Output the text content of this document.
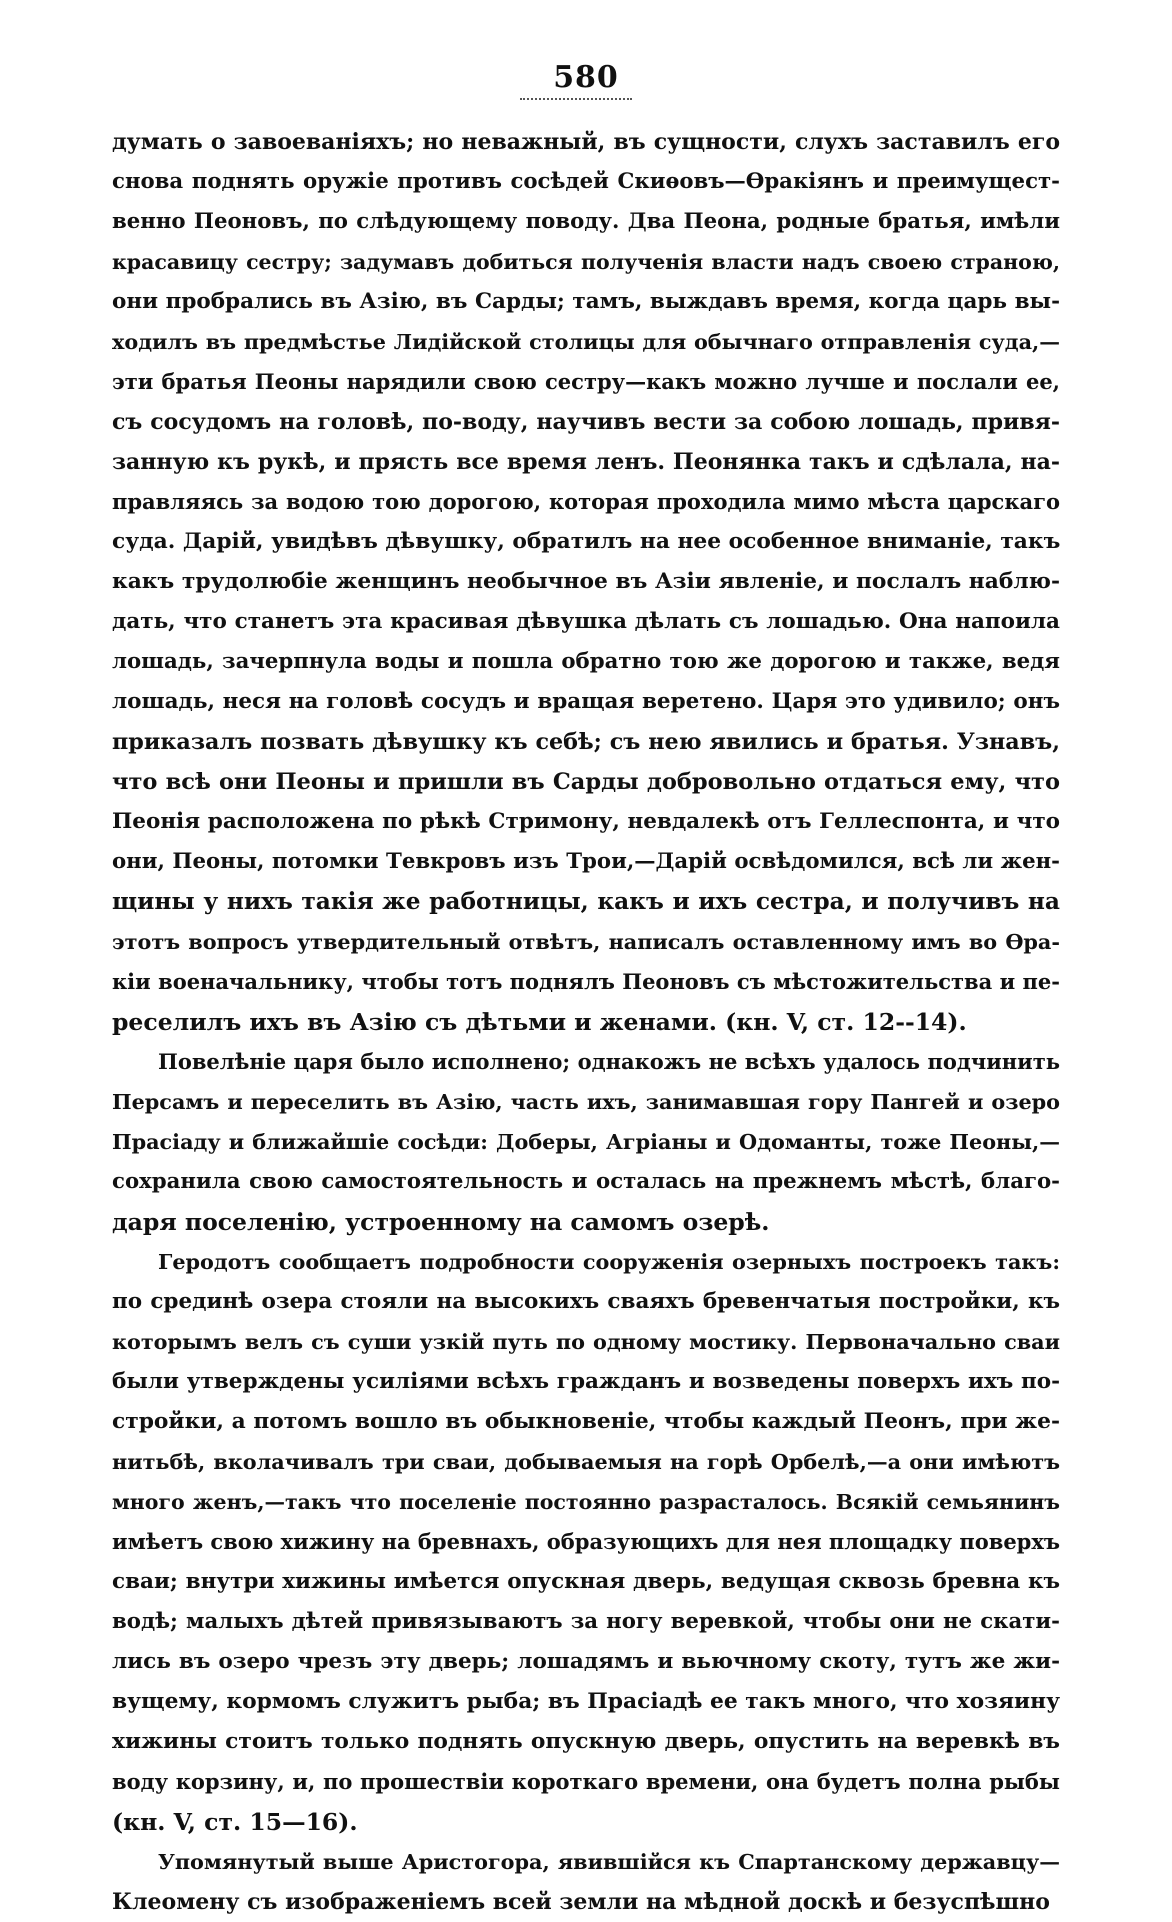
580
думать о завоеваніяхъ; но неважный, въ сущности, слухъ заставилъ его
снова поднять оружіе противъ сосѣдей Скиѳовъ—Ѳракіянъ и преимущест-
венно Пеоновъ, по слѣдующему поводу. Два Пеона, родные братья, имѣли
красавицу сестру; задумавъ добиться полученія власти надъ своею страною,
они пробрались въ Азію, въ Сарды; тамъ, выждавъ время, когда царь вы-
ходилъ въ предмѣстье Лидійской столицы для обычнаго отправленія суда,—
эти братья Пеоны нарядили свою сестру—какъ можно лучше и послали ее,
съ сосудомъ на головѣ, по-воду, научивъ вести за собою лошадь, привя-
занную къ рукѣ, и прясть все время ленъ. Пеонянка такъ и сдѣлала, на-
правляясь за водою тою дорогою, которая проходила мимо мѣста царскаго
суда. Дарій, увидѣвъ дѣвушку, обратилъ на нее особенное вниманіе, такъ
какъ трудолюбіе женщинъ необычное въ Азіи явленіе, и послалъ наблю-
дать, что станетъ эта красивая дѣвушка дѣлать съ лошадью. Она напоила
лошадь, зачерпнула воды и пошла обратно тою же дорогою и также, ведя
лошадь, неся на головѣ сосудъ и вращая веретено. Царя это удивило; онъ
приказалъ позвать дѣвушку къ себѣ; съ нею явились и братья. Узнавъ,
что всѣ они Пеоны и пришли въ Сарды добровольно отдаться ему, что
Пеонія расположена по рѣкѣ Стримону, невдалекѣ отъ Геллеспонта, и что
они, Пеоны, потомки Тевкровъ изъ Трои,—Дарій освѣдомился, всѣ ли жен-
щины у нихъ такія же работницы, какъ и ихъ сестра, и получивъ на
этотъ вопросъ утвердительный отвѣтъ, написалъ оставленному имъ во Ѳра-
кіи военачальнику, чтобы тотъ поднялъ Пеоновъ съ мѣстожительства и пе-
реселилъ ихъ въ Азію съ дѣтьми и женами. (кн. V, ст. 12--14).
Повелѣніе царя было исполнено; однакожъ не всѣхъ удалось подчинить
Персамъ и переселить въ Азію, часть ихъ, занимавшая гору Пангей и озеро
Прасіаду и ближайшіе сосѣди: Доберы, Агріаны и Одоманты, тоже Пеоны,—
сохранила свою самостоятельность и осталась на прежнемъ мѣстѣ, благо-
даря поселенію, устроенному на самомъ озерѣ.
Геродотъ сообщаетъ подробности сооруженія озерныхъ построекъ такъ:
по срединѣ озера стояли на высокихъ сваяхъ бревенчатыя постройки, къ
которымъ велъ съ суши узкій путь по одному мостику. Первоначально сваи
были утверждены усиліями всѣхъ гражданъ и возведены поверхъ ихъ по-
стройки, а потомъ вошло въ обыкновеніе, чтобы каждый Пеонъ, при же-
нитьбѣ, вколачивалъ три сваи, добываемыя на горѣ Орбелѣ,—а они имѣютъ
много женъ,—такъ что поселеніе постоянно разрасталось. Всякій семьянинъ
имѣетъ свою хижину на бревнахъ, образующихъ для нея площадку поверхъ
сваи; внутри хижины имѣется опускная дверь, ведущая сквозь бревна къ
водѣ; малыхъ дѣтей привязываютъ за ногу веревкой, чтобы они не скати-
лись въ озеро чрезъ эту дверь; лошадямъ и вьючному скоту, тутъ же жи-
вущему, кормомъ служитъ рыба; въ Прасіадѣ ее такъ много, что хозяину
хижины стоитъ только поднять опускную дверь, опустить на веревкѣ въ
воду корзину, и, по прошествіи короткаго времени, она будетъ полна рыбы
(кн. V, ст. 15—16).
Упомянутый выше Аристогора, явившійся къ Спартанскому державцу—
Клеомену съ изображеніемъ всей земли на мѣдной доскѣ и безуспѣшно
